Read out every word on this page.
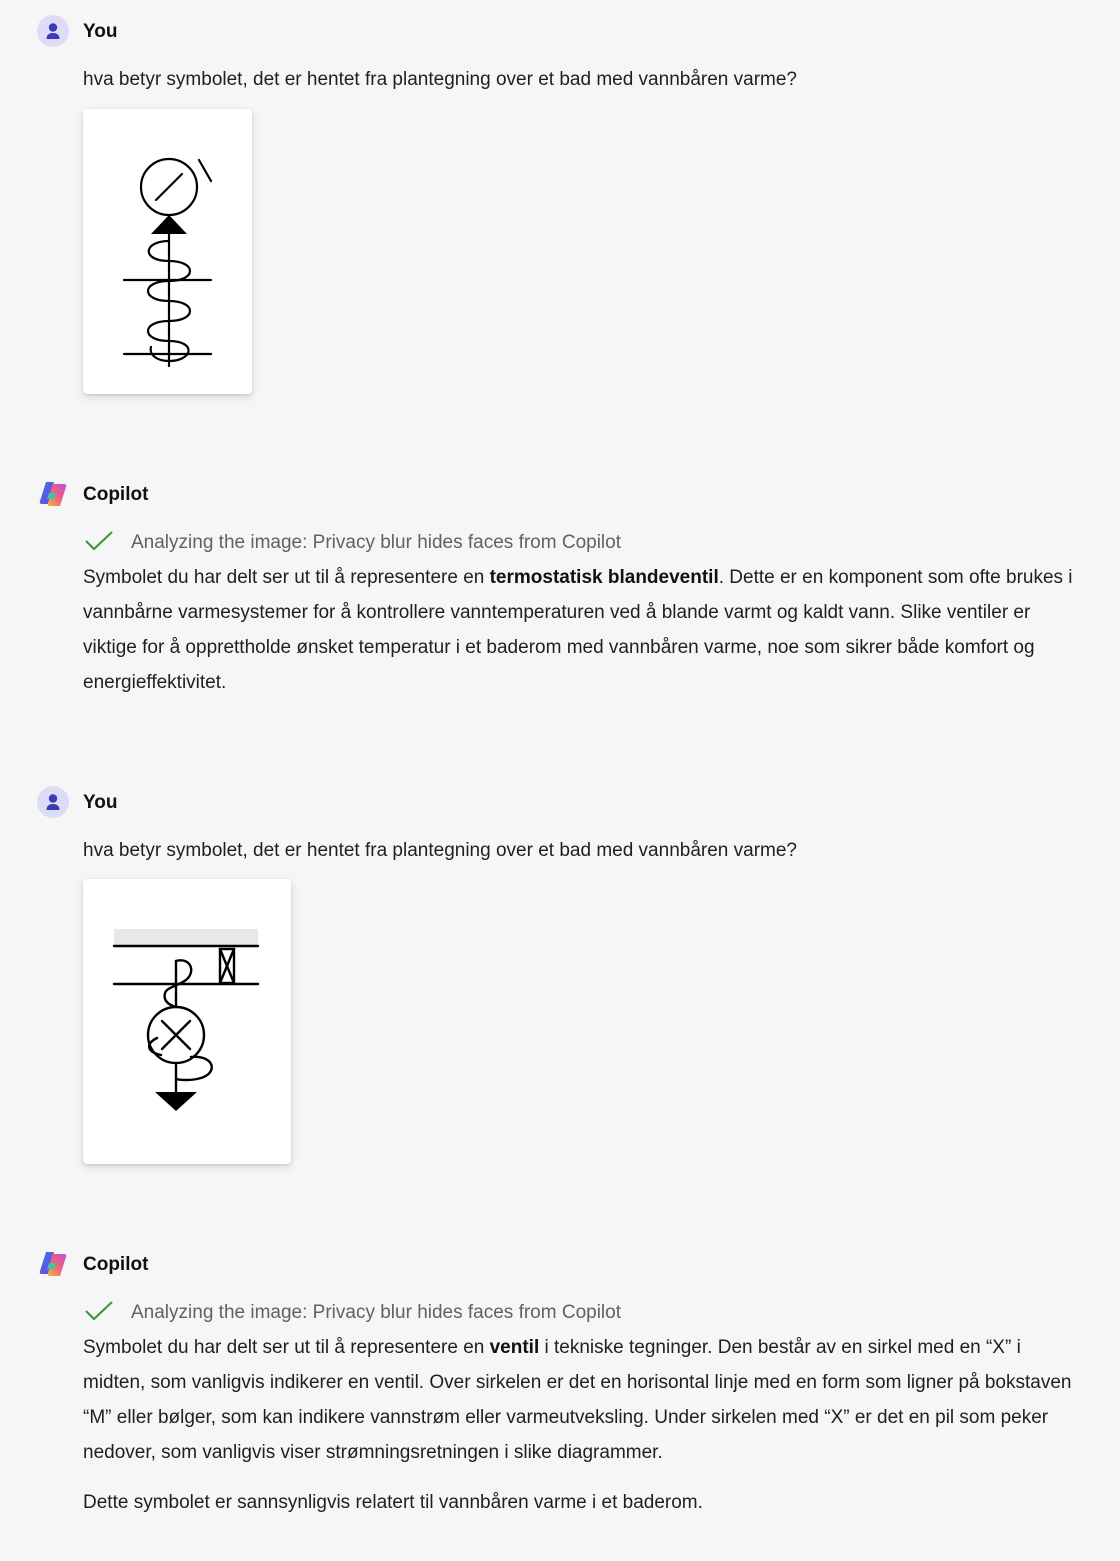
You
hva betyr symbolet, det er hentet fra plantegning over et bad med vannbåren varme?
Copilot
Analyzing the image: Privacy blur hides faces from Copilot

Symbolet du har delt ser ut til å representere en termostatisk blandeventil. Dette er en komponent som ofte brukes i vannbårne varmesystemer for å kontrollere vanntemperaturen ved å blande varmt og kaldt vann. Slike ventiler er viktige for å opprettholde ønsket temperatur i et baderom med vannbåren varme, noe som sikrer både komfort og energieffektivitet.

You
hva betyr symbolet, det er hentet fra plantegning over et bad med vannbåren varme?
Copilot
Analyzing the image: Privacy blur hides faces from Copilot

Symbolet du har delt ser ut til å representere en ventil i tekniske tegninger. Den består av en sirkel med en “X” i midten, som vanligvis indikerer en ventil. Over sirkelen er det en horisontal linje med en form som ligner på bokstaven “M” eller bølger, som kan indikere vannstrøm eller varmeutveksling. Under sirkelen med “X” er det en pil som peker nedover, som vanligvis viser strømningsretningen i slike diagrammer.

Dette symbolet er sannsynligvis relatert til vannbåren varme i et baderom.
